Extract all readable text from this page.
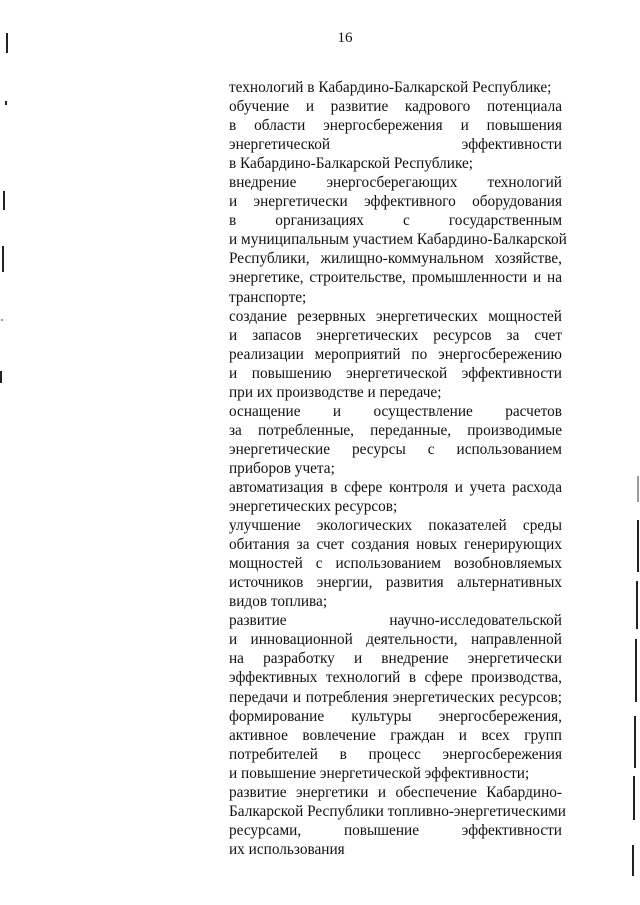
16
технологий в Кабардино-Балкарской Республике;
обучение и развитие кадрового потенциала
в области энергосбережения и повышения
энергетической эффективности
в Кабардино-Балкарской Республике;
внедрение энергосберегающих технологий
и энергетически эффективного оборудования
в организациях с государственным
и муниципальным участием Кабардино-Балкарской
Республики, жилищно-коммунальном хозяйстве,
энергетике, строительстве, промышленности и на
транспорте;
создание резервных энергетических мощностей
и запасов энергетических ресурсов за счет
реализации мероприятий по энергосбережению
и повышению энергетической эффективности
при их производстве и передаче;
оснащение и осуществление расчетов
за потребленные, переданные, производимые
энергетические ресурсы с использованием
приборов учета;
автоматизация в сфере контроля и учета расхода
энергетических ресурсов;
улучшение экологических показателей среды
обитания за счет создания новых генерирующих
мощностей с использованием возобновляемых
источников энергии, развития альтернативных
видов топлива;
развитие научно-исследовательской
и инновационной деятельности, направленной
на разработку и внедрение энергетически
эффективных технологий в сфере производства,
передачи и потребления энергетических ресурсов;
формирование культуры энергосбережения,
активное вовлечение граждан и всех групп
потребителей в процесс энергосбережения
и повышение энергетической эффективности;
развитие энергетики и обеспечение Кабардино-
Балкарской Республики топливно-энергетическими
ресурсами, повышение эффективности
их использования
